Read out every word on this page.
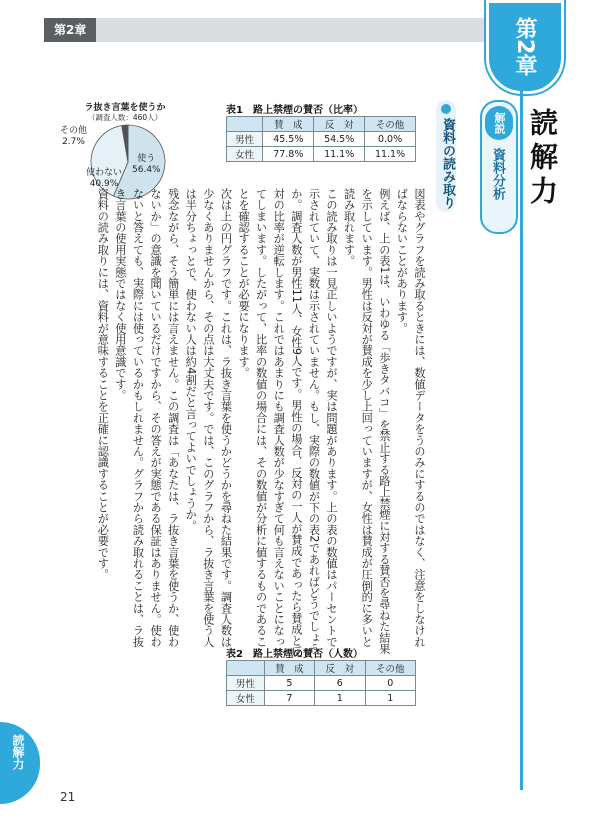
第2章	第2章
読解力
解説
資料分析
資料の読み取り
表1　路上禁煙の賛否（比率）
	賛　成	反　対	その他
男性	45.5%	54.5%	0.0%
女性	77.8%	11.1%	11.1%
ラ抜き言葉を使うか
（調査人数：460人）
使う
56.4%
使わない
40.9%
その他
2.7%

図表やグラフを読み取るときには、数値データをうのみにするのではなく、注意をしなければならないことがあります。

例えば、上の表1は、いわゆる「歩きタバコ」を禁止する路上禁煙に対する賛否を尋ねた結果を示しています。男性は反対が賛成を少し上回っていますが、女性は賛成が圧倒的に多いと読み取れます。

この読み取りは一見正しいようですが、実は問題があります。上の表の数値はパーセントで示されていて、実数は示されていません。もし、実際の数値が下の表2であればどうでしょうか。調査人数が男性11人、女性9人です。男性の場合、反対の一人が賛成であったら賛成と反対の比率が逆転します。これではあまりにも調査人数が少なすぎて何も言えないことになってしまいます。したがって、比率の数値の場合には、その数値が分析に値するものであることを確認することが必要になります。

次は上の円グラフです。これは、ラ抜き言葉を使うかどうかを尋ねた結果です。調査人数は少なくありませんから、その点は大丈夫です。では、このグラフから、ラ抜き言葉を使う人は半分ちょっとで、使わない人は約4割だと言ってよいでしょうか。

残念ながら、そう簡単には言えません。この調査は「あなたは、ラ抜き言葉を使うか、使わないか」の意識を聞いているだけですから、その答えが実態である保証はありません。使わないと答えても、実際には使っているかもしれません。グラフから読み取れることは、ラ抜き言葉の使用実態ではなく使用意識です。

資料の読み取りには、資料が意味することを正確に認識することが必要です。

表2　路上禁煙の賛否（人数）
	賛　成	反　対	その他
男性	5	6	0
女性	7	1	1
読解力
21
